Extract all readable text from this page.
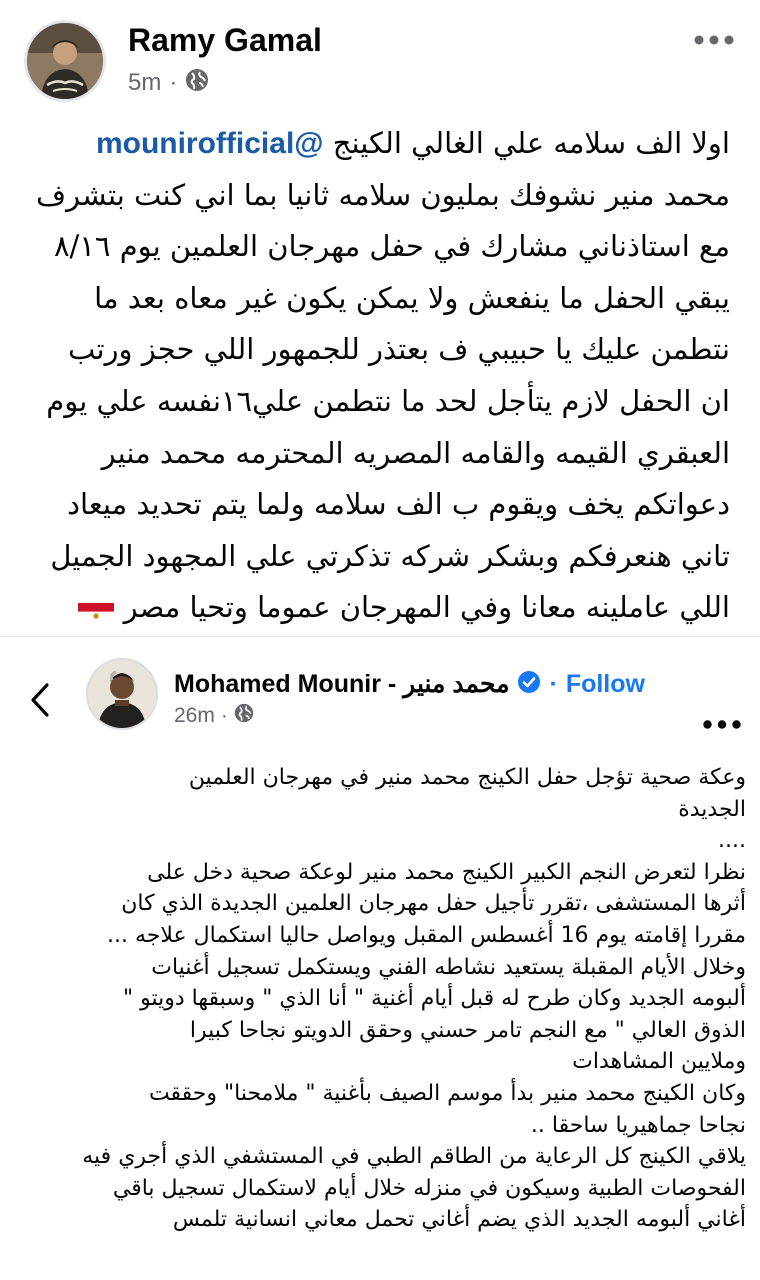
Ramy Gamal
5m ·
اولا الف سلامه علي الغالي الكينج @mounirofficial
محمد منير نشوفك بمليون سلامه ثانيا بما اني كنت بتشرف
مع استاذناني مشارك في حفل مهرجان العلمين يوم ٨/١٦
يبقي الحفل ما ينفعش ولا يمكن يكون غير معاه بعد ما
نتطمن عليك يا حبيبي ف بعتذر للجمهور اللي حجز ورتب
ان الحفل لازم يتأجل لحد ما نتطمن علي١٦نفسه علي يوم
العبقري القيمه والقامه المصريه المحترمه محمد منير
دعواتكم يخف ويقوم ب الف سلامه ولما يتم تحديد ميعاد
تاني هنعرفكم وبشكر شركه تذكرتي علي المجهود الجميل
اللي عاملينه معانا وفي المهرجان عموما وتحيا مصر
Mohamed Mounir - محمد منير · Follow
26m ·
وعكة صحية تؤجل حفل الكينج محمد منير في مهرجان العلمين
الجديدة
....
نظرا لتعرض النجم الكبير الكينج محمد منير لوعكة صحية دخل على
أثرها المستشفى ،تقرر تأجيل حفل مهرجان العلمين الجديدة الذي كان
مقررا إقامته يوم 16 أغسطس المقبل ويواصل حاليا استكمال علاجه ...
وخلال الأيام المقبلة يستعيد نشاطه الفني ويستكمل تسجيل أغنيات
ألبومه الجديد وكان طرح له قبل أيام أغنية " أنا الذي " وسبقها دويتو "
الذوق العالي " مع النجم تامر حسني وحقق الدويتو نجاحا كبيرا
وملايين المشاهدات
وكان الكينج محمد منير بدأ موسم الصيف بأغنية " ملامحنا" وحققت
نجاحا جماهيريا ساحقا ..
يلاقي الكينج كل الرعاية من الطاقم الطبي في المستشفي الذي أجري فيه
الفحوصات الطبية وسيكون في منزله خلال أيام لاستكمال تسجيل باقي
أغاني ألبومه الجديد الذي يضم أغاني تحمل معاني انسانية تلمس
